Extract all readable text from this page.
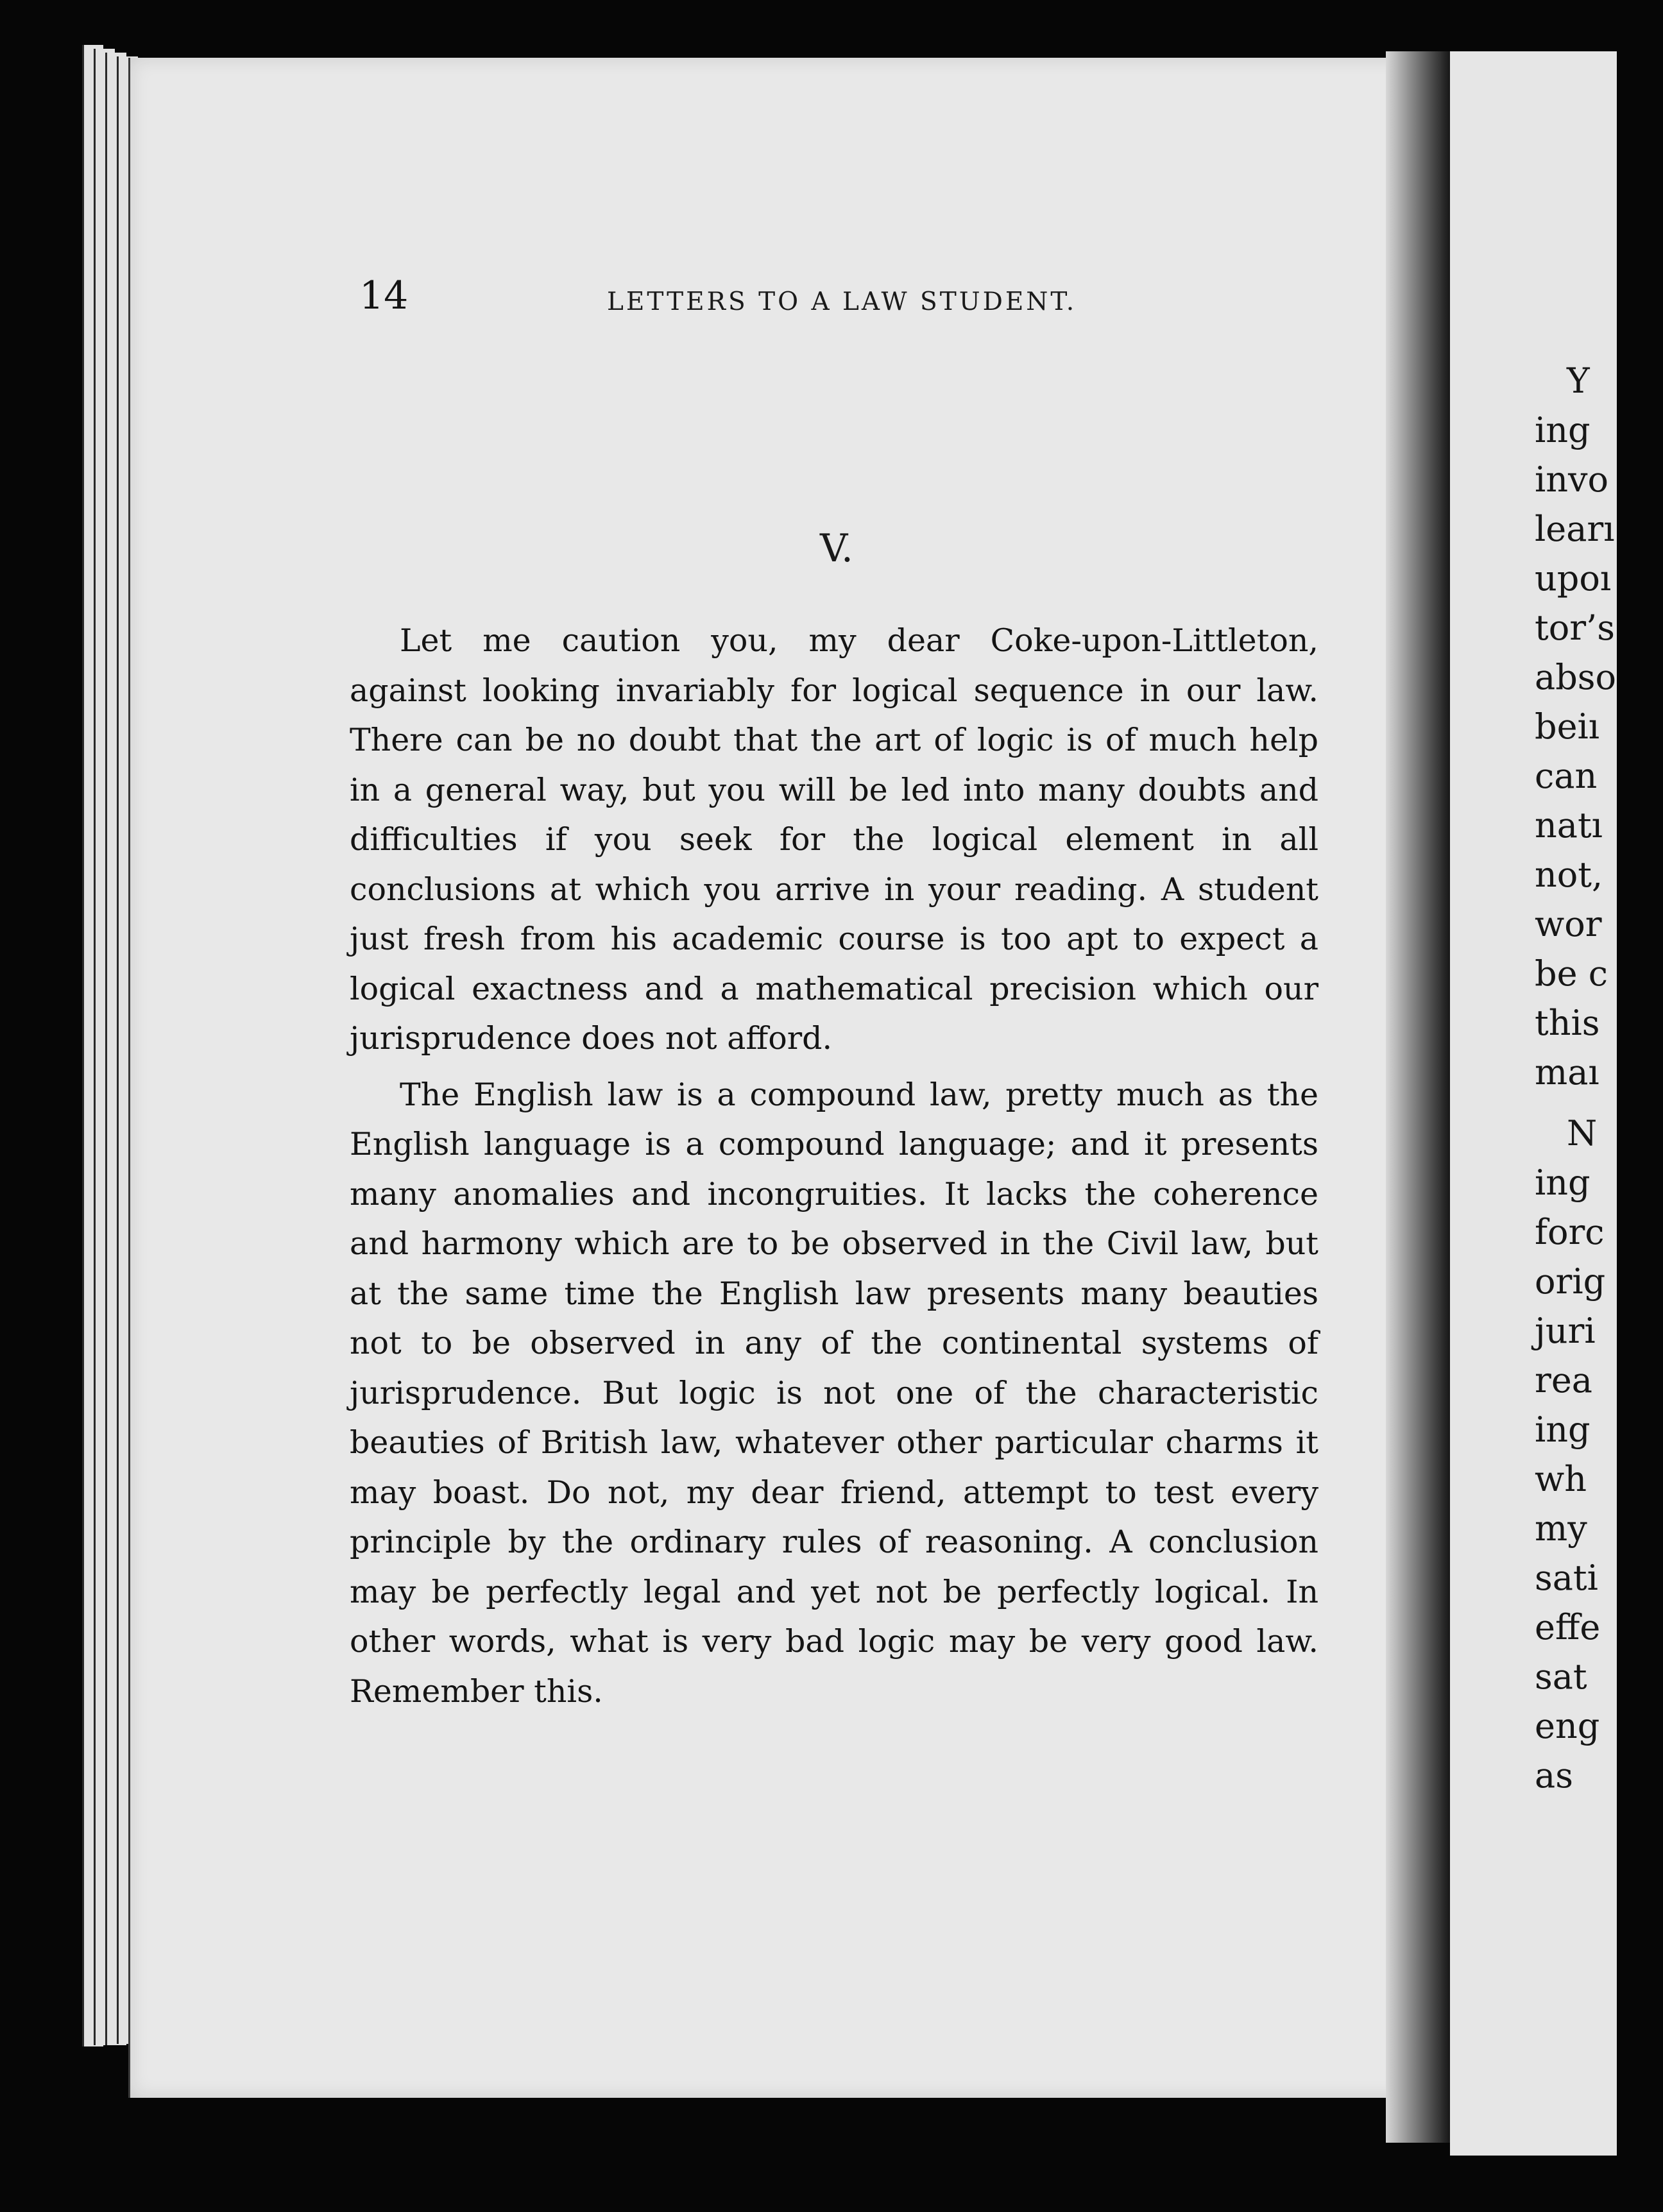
Y
ing
invo
learı
upoı
tor’s
abso
beiı
can
natı
not,
wor
be c
this
maı
N
ing
forc
orig
juri
rea
ing
wh
my
sati
effe
sat
eng
as
14	LETTERS TO A LAW STUDENT.
V.

Let me caution you, my dear Coke-upon-Littleton, against looking invariably for logical sequence in our law. There can be no doubt that the art of logic is of much help in a general way, but you will be led into many doubts and difficulties if you seek for the logical element in all conclusions at which you arrive in your reading. A student just fresh from his academic course is too apt to expect a logical exactness and a mathematical precision which our jurisprudence does not afford.

The English law is a compound law, pretty much as the English language is a compound language; and it presents many anomalies and incongruities. It lacks the coherence and harmony which are to be observed in the Civil law, but at the same time the English law presents many beauties not to be observed in any of the continental systems of jurisprudence. But logic is not one of the characteristic beauties of British law, whatever other particular charms it may boast. Do not, my dear friend, attempt to test every principle by the ordinary rules of reasoning. A conclusion may be perfectly legal and yet not be perfectly logical. In other words, what is very bad logic may be very good law. Remember this.
